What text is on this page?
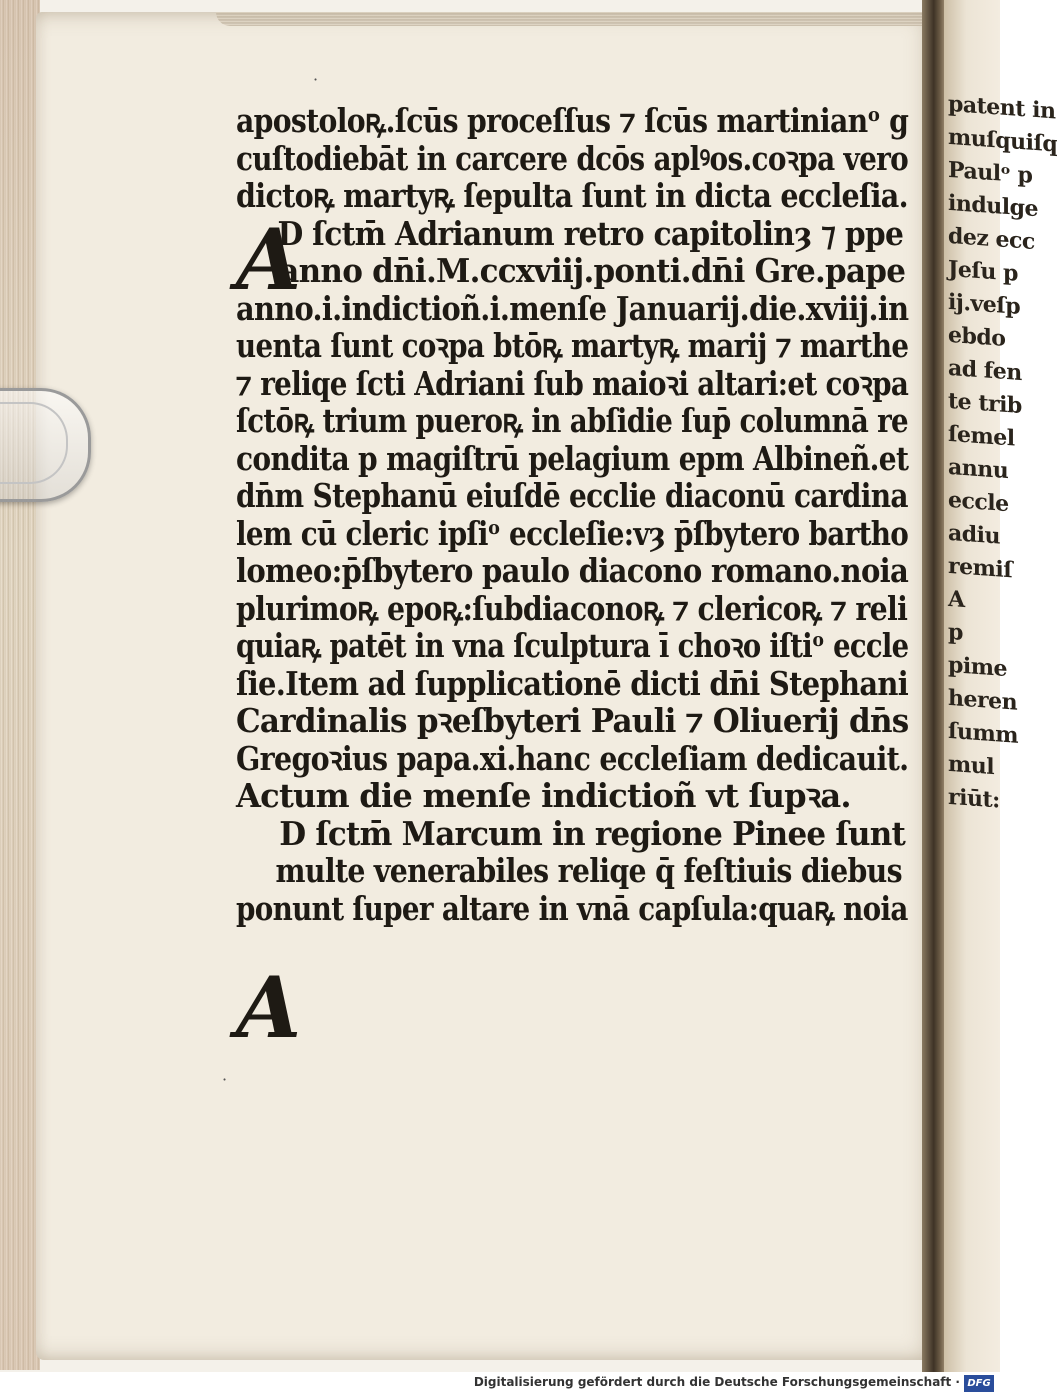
patent in
muſquiſq
Paulᵒ p
indulge
dez ecc
Jeſu p
ij.veſp
ebdo
ad fen
te trib
ſemel
annu
eccle
adiu
remiſ
A
p
pime
heren
ſumm
mul
riūt:
apostoloꝶ.ſcūs proceſſus ⁊ ſcūs martinianᵒ g
cuſtodiebāt in carcere dcōs aplꝰos.coꝛpa vero
dictoꝶ martyꝶ ſepulta ſunt in dicta eccleſia.
D ſctm̄ Adrianum retro capitolinȝ ⁊ ppe
anno dn̄i.M.ccxviij.ponti.dn̄i Gre.pape
anno.i.indictioñ.i.menſe Januarij.die.xviij.in
uenta ſunt coꝛpa btōꝶ martyꝶ marij ⁊ marthe
⁊ reliqe ſcti Adriani ſub maioꝛi altari:et coꝛpa
ſctōꝶ trium pueroꝶ in abſidie ſup̄ columnā re
condita p magiſtrū pelagium epm Albineñ.et
dn̄m Stephanū eiuſdē ecclie diaconū cardina
lem cū cleric ipſiᵒ eccleſie:vȝ p̄ſbytero bartho
lomeo:p̄ſbytero paulo diacono romano.noia
plurimoꝶ epoꝶ:ſubdiaconoꝶ ⁊ clericoꝶ ⁊ reli
quiaꝶ patēt in vna ſculptura ī choꝛo iſtiᵒ eccle
ſie.Item ad ſupplicationē dicti dn̄i Stephani
Cardinalis pꝛeſbyteri Pauli ⁊ Oliuerij dn̄s
Gregoꝛius papa.xi.hanc eccleſiam dedicauit.
Actum die menſe indictioñ vt ſupꝛa.
D ſctm̄ Marcum in regione Pinee ſunt
multe venerabiles reliqe q̄ feſtiuis diebus
ponunt ſuper altare in vnā capſula:quaꝶ noia
A
A
·
·
Digitalisierung gefördert durch die Deutsche Forschungsgemeinschaft · DFG
